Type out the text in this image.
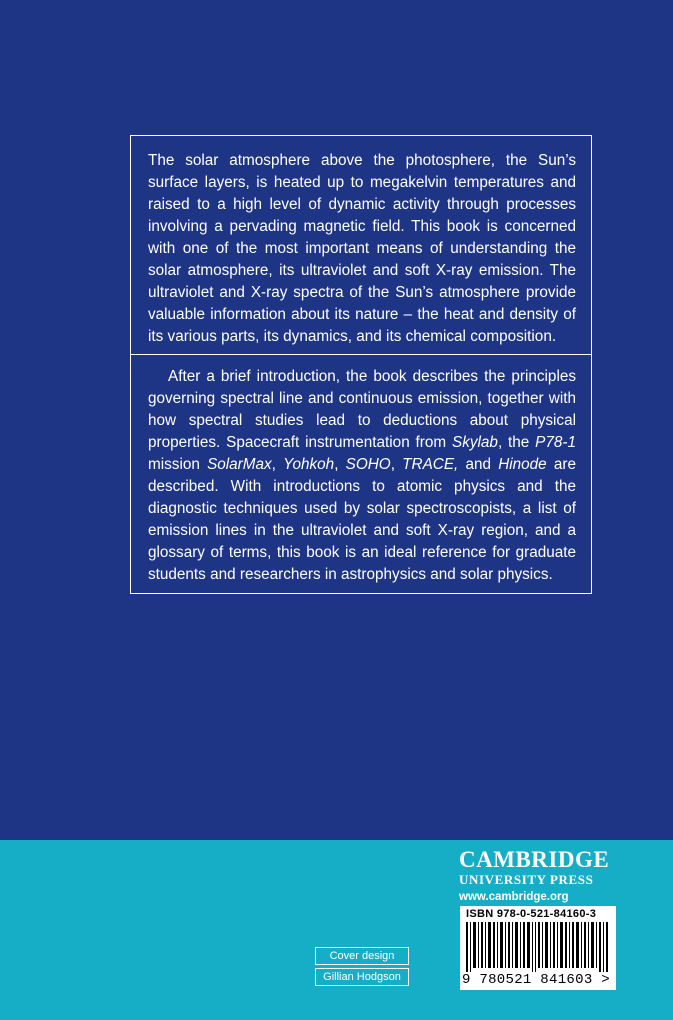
The solar atmosphere above the photosphere, the Sun’s surface layers, is heated up to megakelvin temperatures and raised to a high level of dynamic activity through processes involving a pervading magnetic field. This book is concerned with one of the most important means of understanding the solar atmosphere, its ultraviolet and soft X-ray emission. The ultraviolet and X-ray spectra of the Sun’s atmosphere provide valuable information about its nature – the heat and density of its various parts, its dynamics, and its chemical composition.
After a brief introduction, the book describes the principles governing spectral line and continuous emission, together with how spectral studies lead to deductions about physical properties. Spacecraft instrumentation from Skylab, the P78-1 mission SolarMax, Yohkoh, SOHO, TRACE, and Hinode are described. With introductions to atomic physics and the diagnostic techniques used by solar spectroscopists, a list of emission lines in the ultraviolet and soft X-ray region, and a glossary of terms, this book is an ideal reference for graduate students and researchers in astrophysics and solar physics.
CAMBRIDGE
UNIVERSITY PRESS
www.cambridge.org
ISBN 978-0-521-84160-3
9 780521 841603 >
Cover design
Gillian Hodgson
